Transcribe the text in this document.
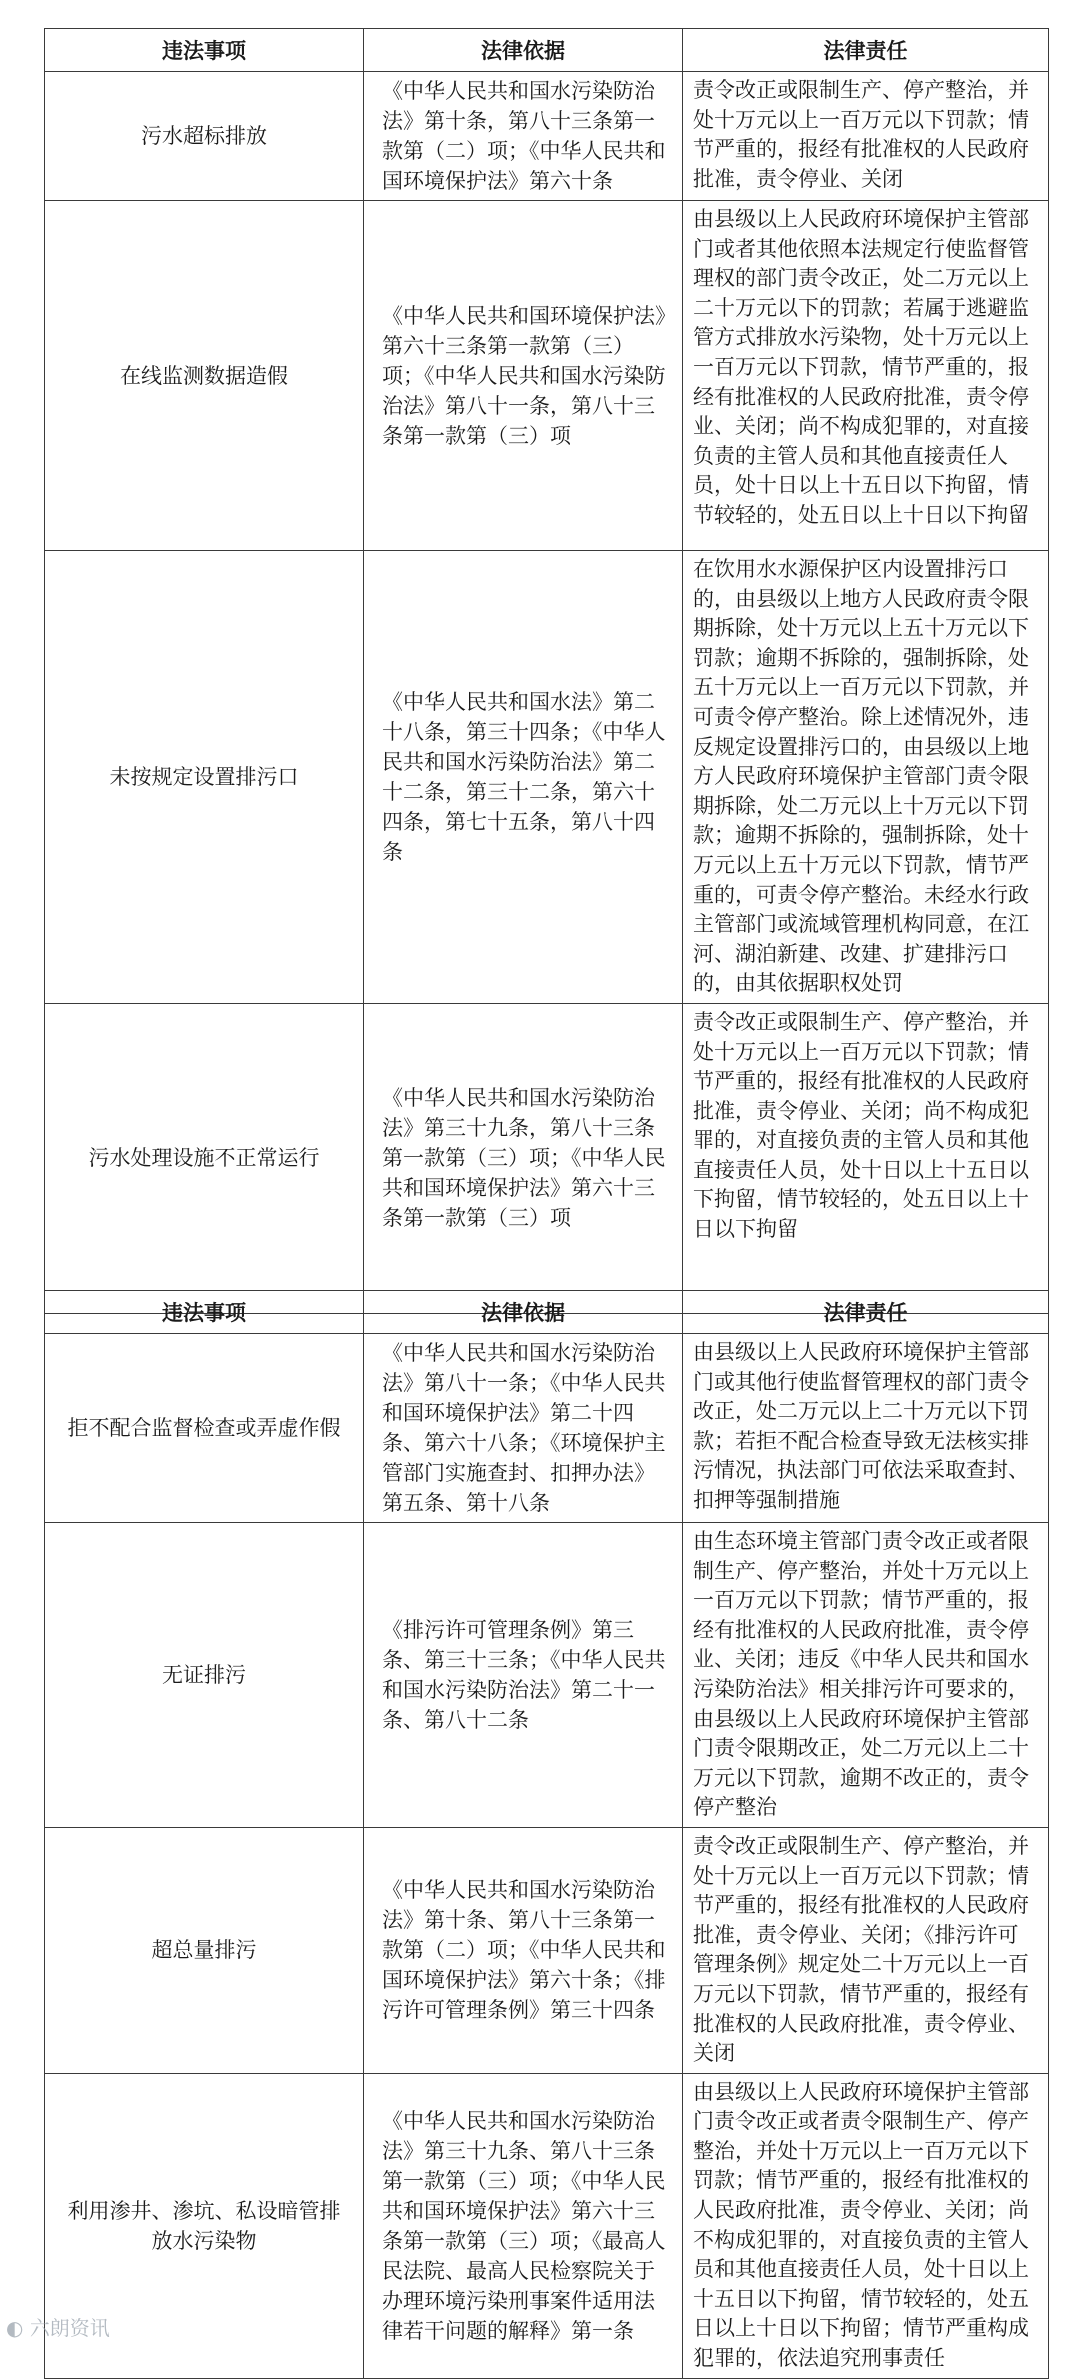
违法事项	法律依据	法律责任
污水超标排放	《中华人民共和国水污染防治法》第十条，第八十三条第一款第（二）项；《中华人民共和国环境保护法》第六十条	责令改正或限制生产、停产整治，并处十万元以上一百万元以下罚款；情节严重的，报经有批准权的人民政府批准，责令停业、关闭
在线监测数据造假	《中华人民共和国环境保护法》第六十三条第一款第（三）项；《中华人民共和国水污染防治法》第八十一条，第八十三条第一款第（三）项	由县级以上人民政府环境保护主管部门或者其他依照本法规定行使监督管理权的部门责令改正，处二万元以上二十万元以下的罚款；若属于逃避监管方式排放水污染物，处十万元以上一百万元以下罚款，情节严重的，报经有批准权的人民政府批准，责令停业、关闭；尚不构成犯罪的，对直接负责的主管人员和其他直接责任人员，处十日以上十五日以下拘留，情节较轻的，处五日以上十日以下拘留
未按规定设置排污口	《中华人民共和国水法》第二十八条，第三十四条；《中华人民共和国水污染防治法》第二十二条，第三十二条，第六十四条，第七十五条，第八十四条	在饮用水水源保护区内设置排污口的，由县级以上地方人民政府责令限期拆除，处十万元以上五十万元以下罚款；逾期不拆除的，强制拆除，处五十万元以上一百万元以下罚款，并可责令停产整治。除上述情况外，违反规定设置排污口的，由县级以上地方人民政府环境保护主管部门责令限期拆除，处二万元以上十万元以下罚款；逾期不拆除的，强制拆除，处十万元以上五十万元以下罚款，情节严重的，可责令停产整治。未经水行政主管部门或流域管理机构同意，在江河、湖泊新建、改建、扩建排污口的，由其依据职权处罚
污水处理设施不正常运行	《中华人民共和国水污染防治法》第三十九条，第八十三条第一款第（三）项；《中华人民共和国环境保护法》第六十三条第一款第（三）项	责令改正或限制生产、停产整治，并处十万元以上一百万元以下罚款；情节严重的，报经有批准权的人民政府批准，责令停业、关闭；尚不构成犯罪的，对直接负责的主管人员和其他直接责任人员，处十日以上十五日以下拘留，情节较轻的，处五日以上十日以下拘留
违法事项	法律依据	法律责任
拒不配合监督检查或弄虚作假	《中华人民共和国水污染防治法》第八十一条；《中华人民共和国环境保护法》第二十四条、第六十八条；《环境保护主管部门实施查封、扣押办法》第五条、第十八条	由县级以上人民政府环境保护主管部门或其他行使监督管理权的部门责令改正，处二万元以上二十万元以下罚款；若拒不配合检查导致无法核实排污情况，执法部门可依法采取查封、扣押等强制措施
无证排污	《排污许可管理条例》第三条、第三十三条；《中华人民共和国水污染防治法》第二十一条、第八十二条	由生态环境主管部门责令改正或者限制生产、停产整治，并处十万元以上一百万元以下罚款；情节严重的，报经有批准权的人民政府批准，责令停业、关闭；违反《中华人民共和国水污染防治法》相关排污许可要求的，由县级以上人民政府环境保护主管部门责令限期改正，处二万元以上二十万元以下罚款，逾期不改正的，责令停产整治
超总量排污	《中华人民共和国水污染防治法》第十条、第八十三条第一款第（二）项；《中华人民共和国环境保护法》第六十条；《排污许可管理条例》第三十四条	责令改正或限制生产、停产整治，并处十万元以上一百万元以下罚款；情节严重的，报经有批准权的人民政府批准，责令停业、关闭；《排污许可管理条例》规定处二十万元以上一百万元以下罚款，情节严重的，报经有批准权的人民政府批准，责令停业、关闭
利用渗井、渗坑、私设暗管排放水污染物	《中华人民共和国水污染防治法》第三十九条、第八十三条第一款第（三）项；《中华人民共和国环境保护法》第六十三条第一款第（三）项；《最高人民法院、最高人民检察院关于办理环境污染刑事案件适用法律若干问题的解释》第一条	由县级以上人民政府环境保护主管部门责令改正或者责令限制生产、停产整治，并处十万元以上一百万元以下罚款；情节严重的，报经有批准权的人民政府批准，责令停业、关闭；尚不构成犯罪的，对直接负责的主管人员和其他直接责任人员，处十日以上十五日以下拘留，情节较轻的，处五日以上十日以下拘留；情节严重构成犯罪的，依法追究刑事责任
◐ 六朗资讯
